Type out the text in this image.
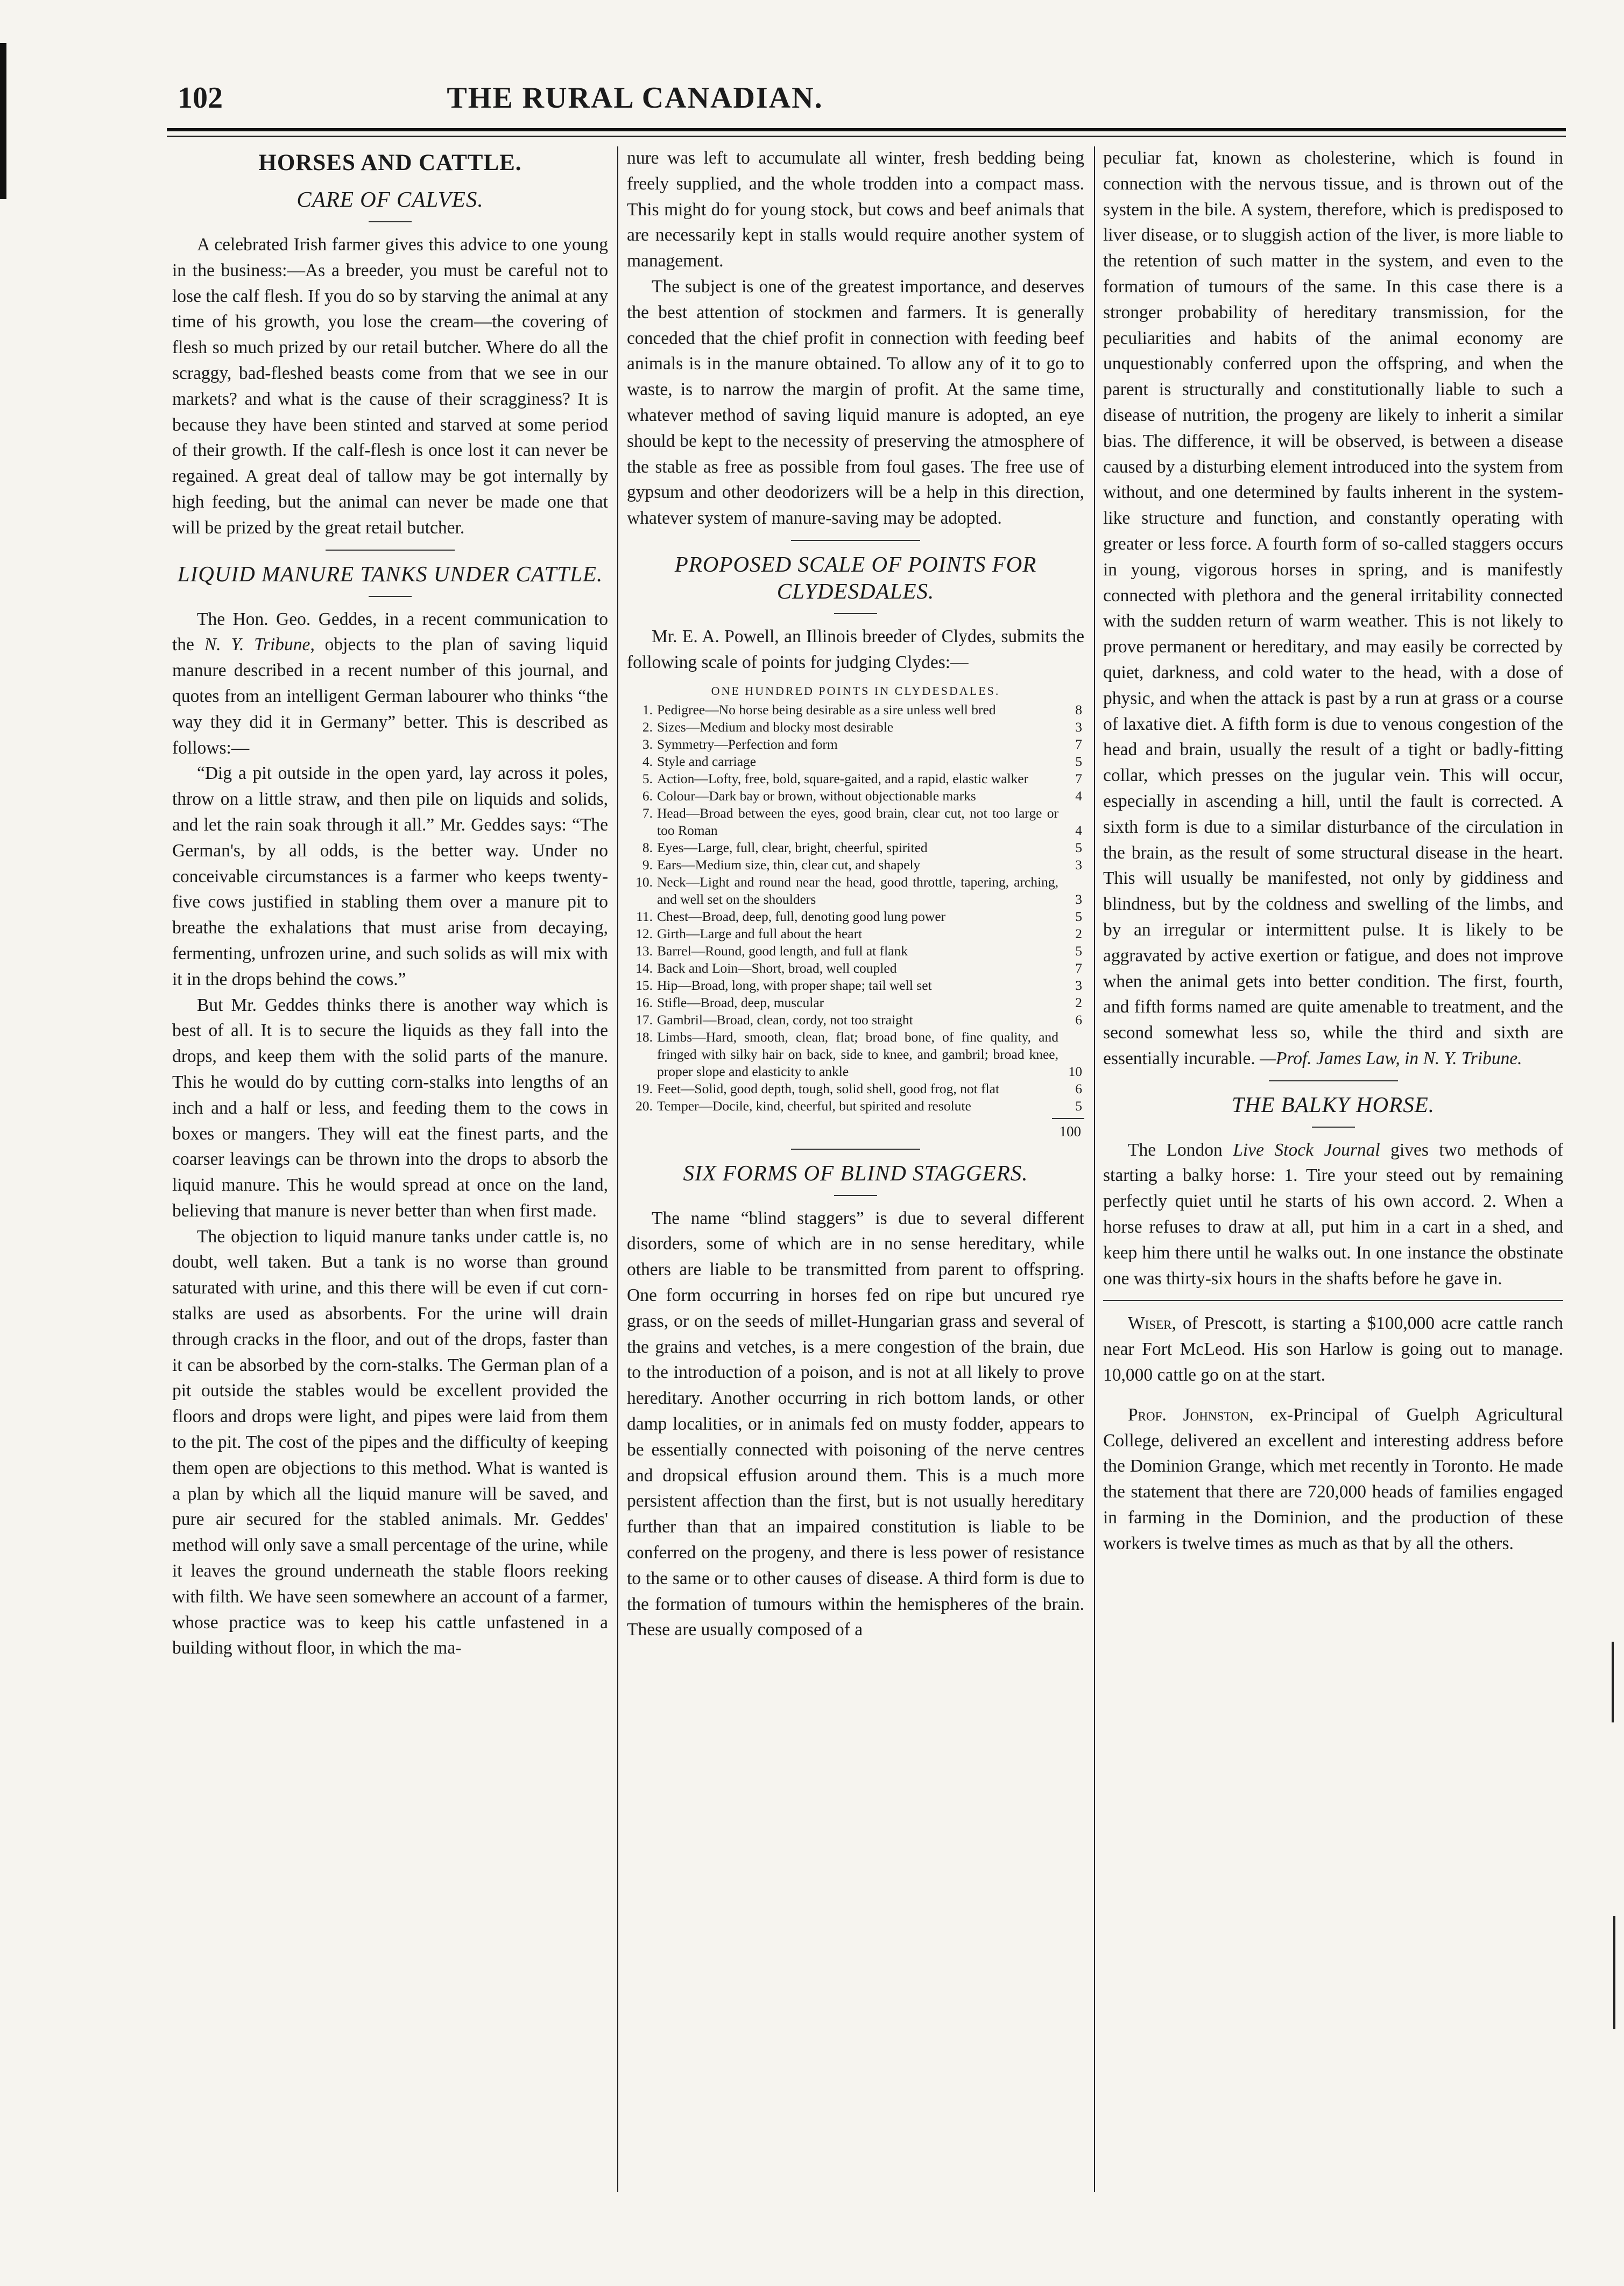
102	THE RURAL CANADIAN.
HORSES AND CATTLE.
CARE OF CALVES.

A celebrated Irish farmer gives this advice to one young in the business:—As a breeder, you must be careful not to lose the calf flesh. If you do so by starving the animal at any time of his growth, you lose the cream—the covering of flesh so much prized by our retail butcher. Where do all the scraggy, bad-fleshed beasts come from that we see in our markets? and what is the cause of their scragginess? It is because they have been stinted and starved at some period of their growth. If the calf-flesh is once lost it can never be regained. A great deal of tallow may be got internally by high feeding, but the animal can never be made one that will be prized by the great retail butcher.

LIQUID MANURE TANKS UNDER CATTLE.

The Hon. Geo. Geddes, in a recent communication to the N. Y. Tribune, objects to the plan of saving liquid manure described in a recent number of this journal, and quotes from an intelligent German labourer who thinks “the way they did it in Germany” better. This is described as follows:—

“Dig a pit outside in the open yard, lay across it poles, throw on a little straw, and then pile on liquids and solids, and let the rain soak through it all.” Mr. Geddes says: “The German's, by all odds, is the better way. Under no conceivable circumstances is a farmer who keeps twenty-five cows justified in stabling them over a manure pit to breathe the exhalations that must arise from decaying, fermenting, unfrozen urine, and such solids as will mix with it in the drops behind the cows.”

But Mr. Geddes thinks there is another way which is best of all. It is to secure the liquids as they fall into the drops, and keep them with the solid parts of the manure. This he would do by cutting corn-stalks into lengths of an inch and a half or less, and feeding them to the cows in boxes or mangers. They will eat the finest parts, and the coarser leavings can be thrown into the drops to absorb the liquid manure. This he would spread at once on the land, believing that manure is never better than when first made.

The objection to liquid manure tanks under cattle is, no doubt, well taken. But a tank is no worse than ground saturated with urine, and this there will be even if cut corn-stalks are used as absorbents. For the urine will drain through cracks in the floor, and out of the drops, faster than it can be absorbed by the corn-stalks. The German plan of a pit outside the stables would be excellent provided the floors and drops were light, and pipes were laid from them to the pit. The cost of the pipes and the difficulty of keeping them open are objections to this method. What is wanted is a plan by which all the liquid manure will be saved, and pure air secured for the stabled animals. Mr. Geddes' method will only save a small percentage of the urine, while it leaves the ground underneath the stable floors reeking with filth. We have seen somewhere an account of a farmer, whose practice was to keep his cattle unfastened in a building without floor, in which the ma-

nure was left to accumulate all winter, fresh bedding being freely supplied, and the whole trodden into a compact mass. This might do for young stock, but cows and beef animals that are necessarily kept in stalls would require another system of management.

The subject is one of the greatest importance, and deserves the best attention of stockmen and farmers. It is generally conceded that the chief profit in connection with feeding beef animals is in the manure obtained. To allow any of it to go to waste, is to narrow the margin of profit. At the same time, whatever method of saving liquid manure is adopted, an eye should be kept to the necessity of preserving the atmosphere of the stable as free as possible from foul gases. The free use of gypsum and other deodorizers will be a help in this direction, whatever system of manure-saving may be adopted.

PROPOSED SCALE OF POINTS FOR CLYDESDALES.

Mr. E. A. Powell, an Illinois breeder of Clydes, submits the following scale of points for judging Clydes:—

ONE HUNDRED POINTS IN CLYDESDALES.
1. Pedigree—No horse being desirable as a sire unless well bred	8
2. Sizes—Medium and blocky most desirable	3
3. Symmetry—Perfection and form	7
4. Style and carriage	5
5. Action—Lofty, free, bold, square-gaited, and a rapid, elastic walker	7
6. Colour—Dark bay or brown, without objectionable marks	4
7. Head—Broad between the eyes, good brain, clear cut, not too large or too Roman	4
8. Eyes—Large, full, clear, bright, cheerful, spirited	5
9. Ears—Medium size, thin, clear cut, and shapely	3
10. Neck—Light and round near the head, good throttle, tapering, arching, and well set on the shoulders	3
11. Chest—Broad, deep, full, denoting good lung power	5
12. Girth—Large and full about the heart	2
13. Barrel—Round, good length, and full at flank	5
14. Back and Loin—Short, broad, well coupled	7
15. Hip—Broad, long, with proper shape; tail well set	3
16. Stifle—Broad, deep, muscular	2
17. Gambril—Broad, clean, cordy, not too straight	6
18. Limbs—Hard, smooth, clean, flat; broad bone, of fine quality, and fringed with silky hair on back, side to knee, and gambril; broad knee, proper slope and elasticity to ankle	10
19. Feet—Solid, good depth, tough, solid shell, good frog, not flat	6
20. Temper—Docile, kind, cheerful, but spirited and resolute	5
100
SIX FORMS OF BLIND STAGGERS.

The name “blind staggers” is due to several different disorders, some of which are in no sense hereditary, while others are liable to be transmitted from parent to offspring. One form occurring in horses fed on ripe but uncured rye grass, or on the seeds of millet-Hungarian grass and several of the grains and vetches, is a mere congestion of the brain, due to the introduction of a poison, and is not at all likely to prove hereditary. Another occurring in rich bottom lands, or other damp localities, or in animals fed on musty fodder, appears to be essentially connected with poisoning of the nerve centres and dropsical effusion around them. This is a much more persistent affection than the first, but is not usually hereditary further than that an impaired constitution is liable to be conferred on the progeny, and there is less power of resistance to the same or to other causes of disease. A third form is due to the formation of tumours within the hemispheres of the brain. These are usually composed of a

peculiar fat, known as cholesterine, which is found in connection with the nervous tissue, and is thrown out of the system in the bile. A system, therefore, which is predisposed to liver disease, or to sluggish action of the liver, is more liable to the retention of such matter in the system, and even to the formation of tumours of the same. In this case there is a stronger probability of hereditary transmission, for the peculiarities and habits of the animal economy are unquestionably conferred upon the offspring, and when the parent is structurally and constitutionally liable to such a disease of nutrition, the progeny are likely to inherit a similar bias. The difference, it will be observed, is between a disease caused by a disturbing element introduced into the system from without, and one determined by faults inherent in the system-like structure and function, and constantly operating with greater or less force. A fourth form of so-called staggers occurs in young, vigorous horses in spring, and is manifestly connected with plethora and the general irritability connected with the sudden return of warm weather. This is not likely to prove permanent or hereditary, and may easily be corrected by quiet, darkness, and cold water to the head, with a dose of physic, and when the attack is past by a run at grass or a course of laxative diet. A fifth form is due to venous congestion of the head and brain, usually the result of a tight or badly-fitting collar, which presses on the jugular vein. This will occur, especially in ascending a hill, until the fault is corrected. A sixth form is due to a similar disturbance of the circulation in the brain, as the result of some structural disease in the heart. This will usually be manifested, not only by giddiness and blindness, but by the coldness and swelling of the limbs, and by an irregular or intermittent pulse. It is likely to be aggravated by active exertion or fatigue, and does not improve when the animal gets into better condition. The first, fourth, and fifth forms named are quite amenable to treatment, and the second somewhat less so, while the third and sixth are essentially incurable. —Prof. James Law, in N. Y. Tribune.

THE BALKY HORSE.

The London Live Stock Journal gives two methods of starting a balky horse: 1. Tire your steed out by remaining perfectly quiet until he starts of his own accord. 2. When a horse refuses to draw at all, put him in a cart in a shed, and keep him there until he walks out. In one instance the obstinate one was thirty-six hours in the shafts before he gave in.

Wiser, of Prescott, is starting a $100,000 acre cattle ranch near Fort McLeod. His son Harlow is going out to manage. 10,000 cattle go on at the start.

Prof. Johnston, ex-Principal of Guelph Agricultural College, delivered an excellent and interesting address before the Dominion Grange, which met recently in Toronto. He made the statement that there are 720,000 heads of families engaged in farming in the Dominion, and the production of these workers is twelve times as much as that by all the others.
